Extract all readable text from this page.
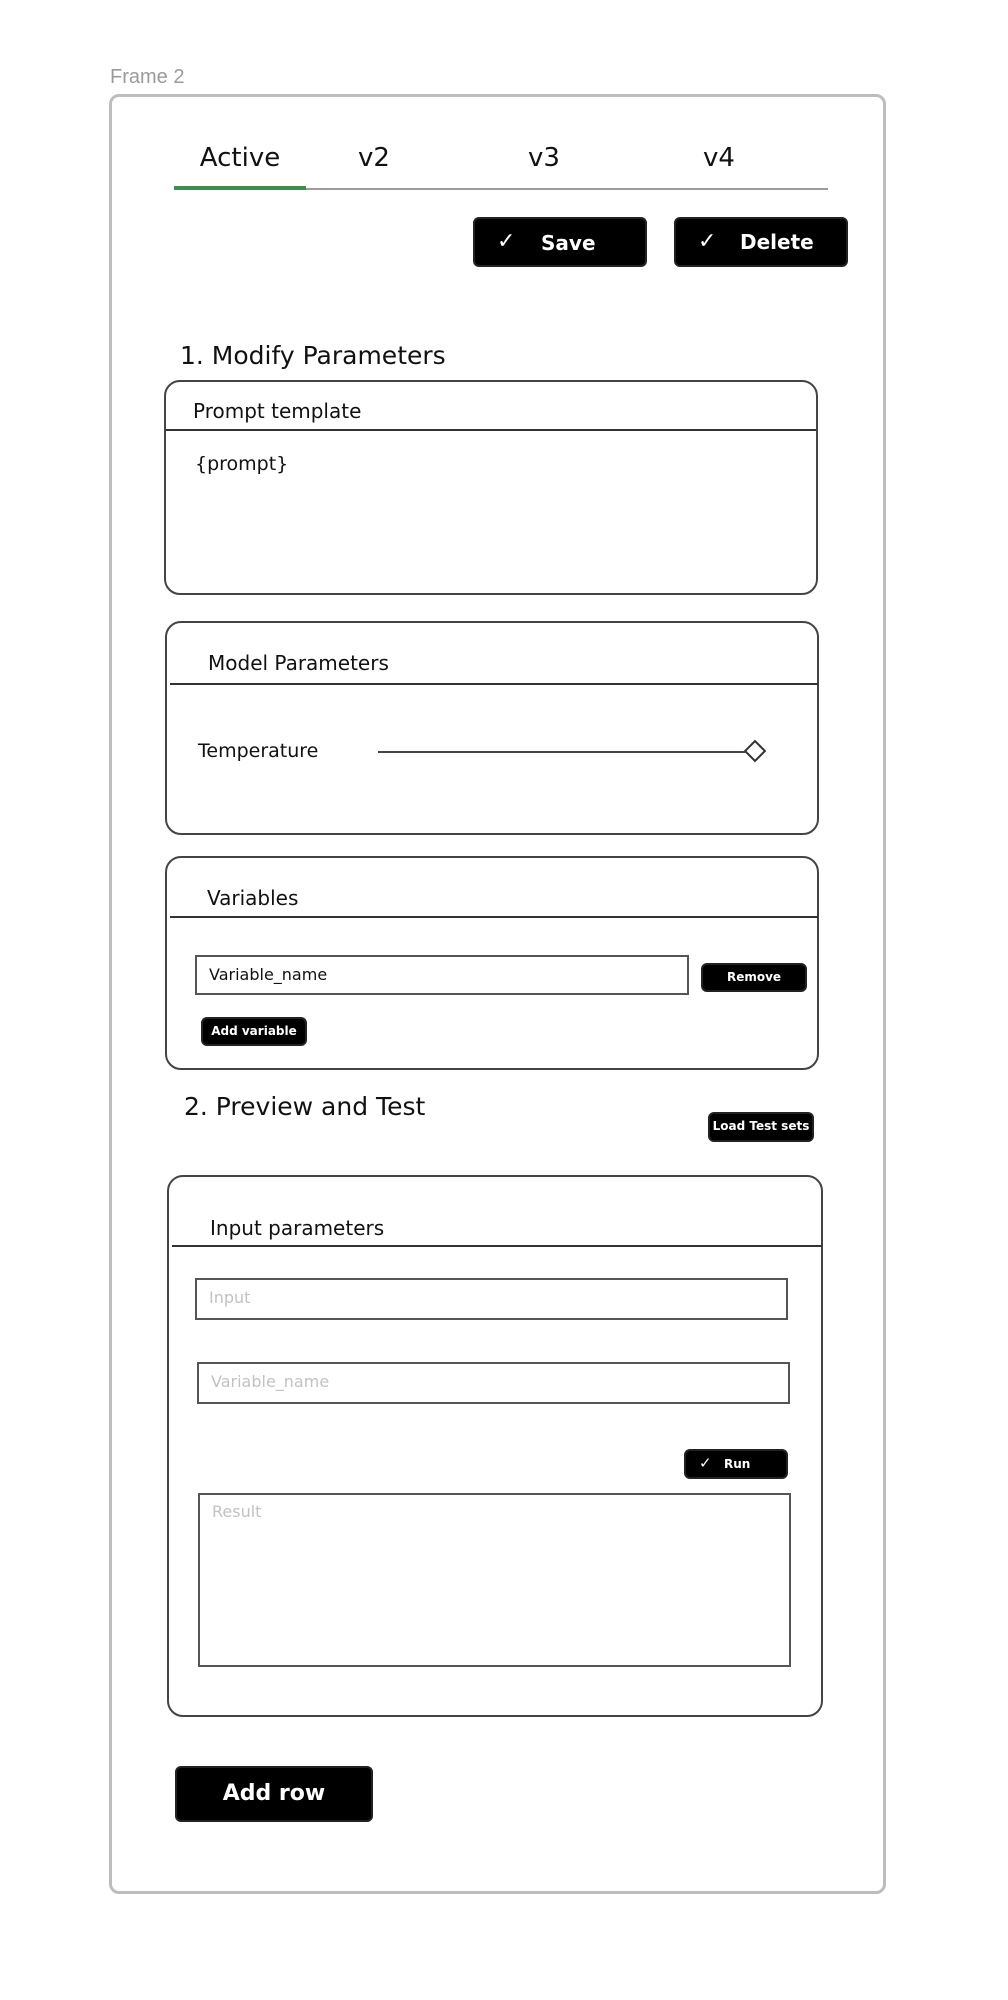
Frame 2
Active	v2	v3	v4
✓ Save	✓ Delete
1. Modify Parameters
Prompt template
{prompt}
Model Parameters
Temperature
Variables
Variable_name	Remove
Add variable
2. Preview and Test
Load Test sets
Input parameters
Input
Variable_name
✓ Run
Result
Add row
